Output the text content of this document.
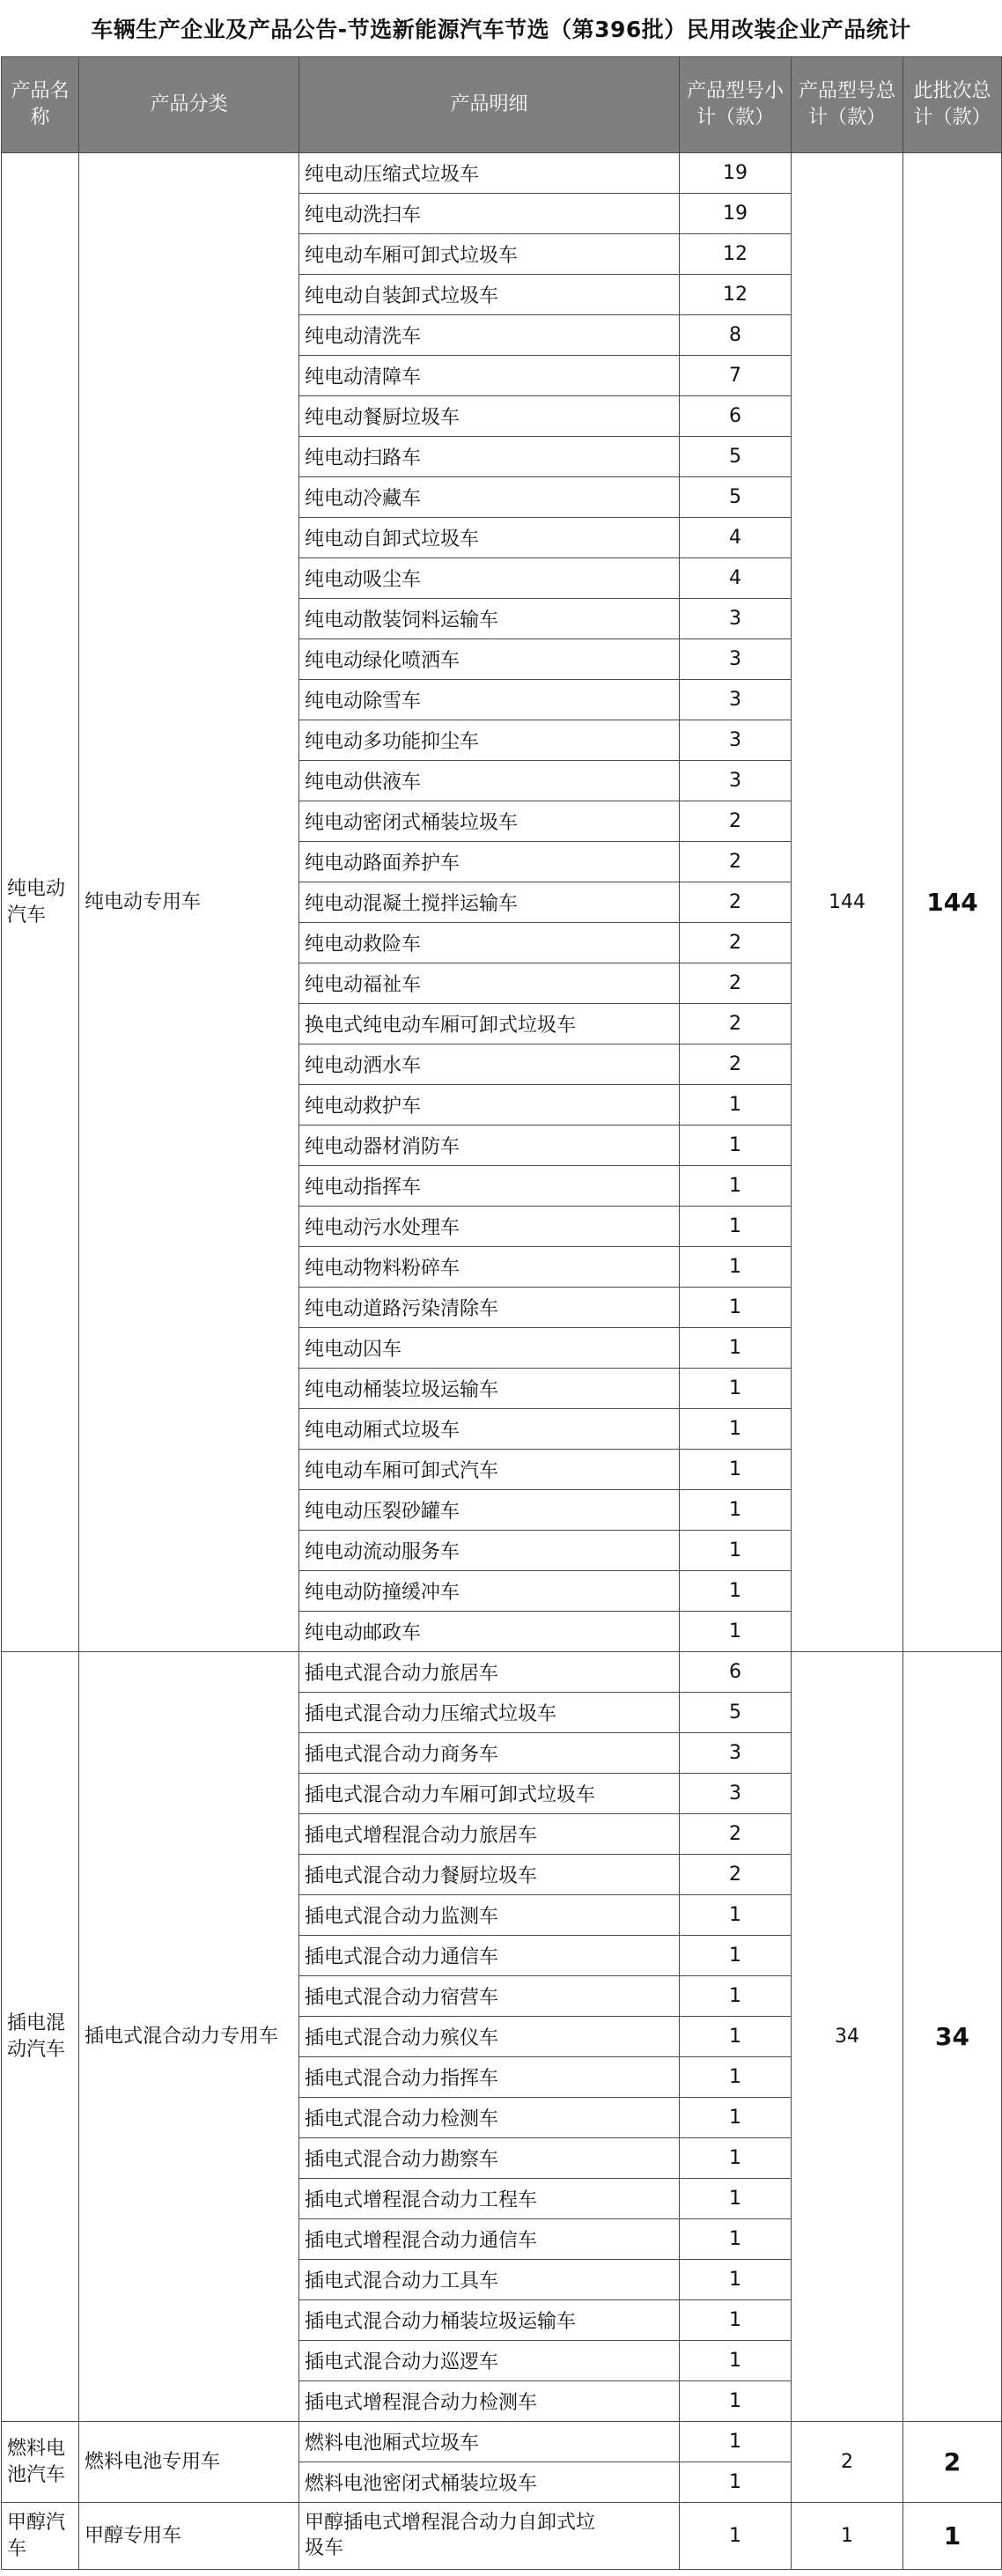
车辆生产企业及产品公告-节选新能源汽车节选（第396批）民用改装企业产品统计
产品名称	产品分类	产品明细	产品型号小计（款）	产品型号总计（款）	此批次总计（款）
纯电动汽车	纯电动专用车	纯电动压缩式垃圾车	19	144	144
		纯电动洗扫车	19		
		纯电动车厢可卸式垃圾车	12		
		纯电动自装卸式垃圾车	12		
		纯电动清洗车	8		
		纯电动清障车	7		
		纯电动餐厨垃圾车	6		
		纯电动扫路车	5		
		纯电动冷藏车	5		
		纯电动自卸式垃圾车	4		
		纯电动吸尘车	4		
		纯电动散装饲料运输车	3		
		纯电动绿化喷洒车	3		
		纯电动除雪车	3		
		纯电动多功能抑尘车	3		
		纯电动供液车	3		
		纯电动密闭式桶装垃圾车	2		
		纯电动路面养护车	2		
		纯电动混凝土搅拌运输车	2		
		纯电动救险车	2		
		纯电动福祉车	2		
		换电式纯电动车厢可卸式垃圾车	2		
		纯电动洒水车	2		
		纯电动救护车	1		
		纯电动器材消防车	1		
		纯电动指挥车	1		
		纯电动污水处理车	1		
		纯电动物料粉碎车	1		
		纯电动道路污染清除车	1		
		纯电动囚车	1		
		纯电动桶装垃圾运输车	1		
		纯电动厢式垃圾车	1		
		纯电动车厢可卸式汽车	1		
		纯电动压裂砂罐车	1		
		纯电动流动服务车	1		
		纯电动防撞缓冲车	1		
		纯电动邮政车	1		
插电混动汽车	插电式混合动力专用车	插电式混合动力旅居车	6	34	34
		插电式混合动力压缩式垃圾车	5		
		插电式混合动力商务车	3		
		插电式混合动力车厢可卸式垃圾车	3		
		插电式增程混合动力旅居车	2		
		插电式混合动力餐厨垃圾车	2		
		插电式混合动力监测车	1		
		插电式混合动力通信车	1		
		插电式混合动力宿营车	1		
		插电式混合动力殡仪车	1		
		插电式混合动力指挥车	1		
		插电式混合动力检测车	1		
		插电式混合动力勘察车	1		
		插电式增程混合动力工程车	1		
		插电式增程混合动力通信车	1		
		插电式混合动力工具车	1		
		插电式混合动力桶装垃圾运输车	1		
		插电式混合动力巡逻车	1		
		插电式增程混合动力检测车	1		
燃料电池汽车	燃料电池专用车	燃料电池厢式垃圾车	1	2	2
		燃料电池密闭式桶装垃圾车	1		
甲醇汽车	甲醇专用车	甲醇插电式增程混合动力自卸式垃圾车	1	1	1
